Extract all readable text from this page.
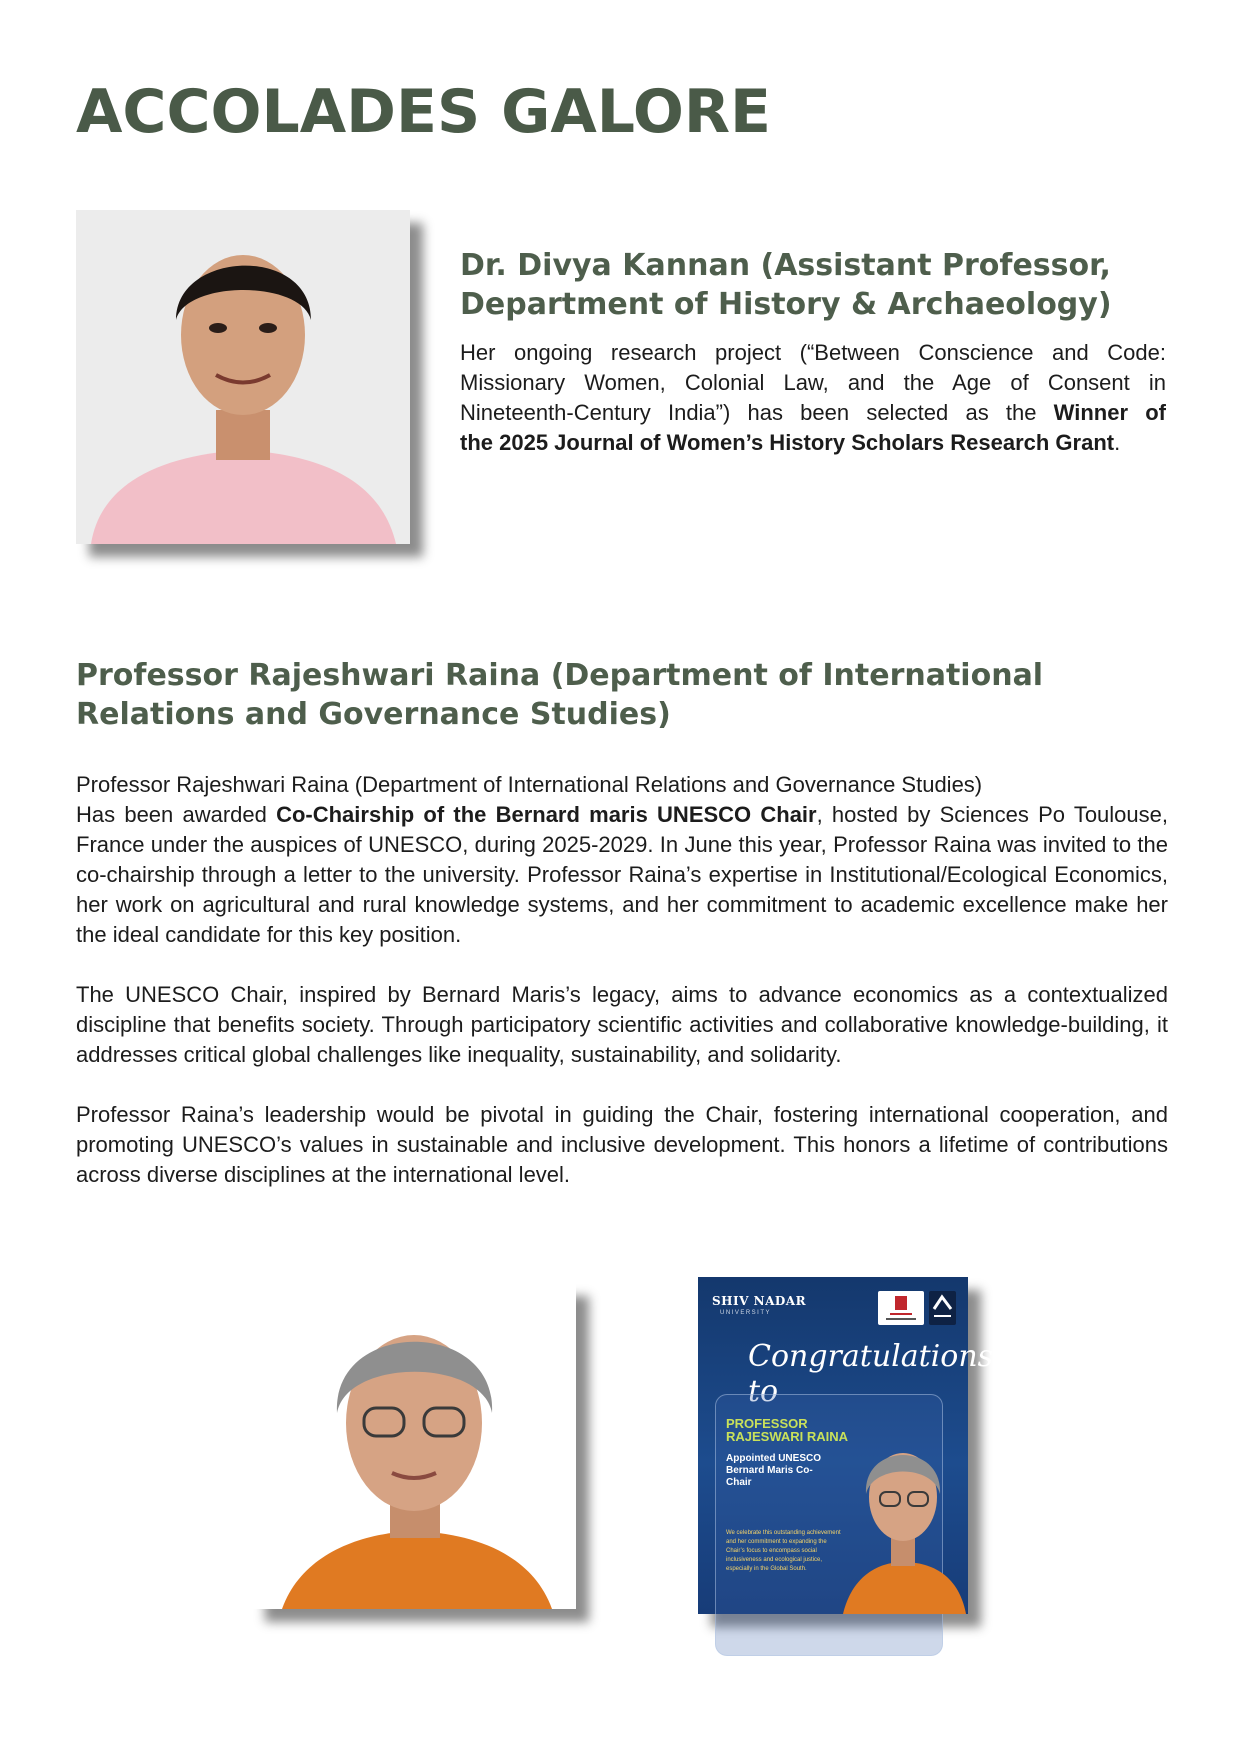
ACCOLADES GALORE
Dr. Divya Kannan (Assistant Professor,
Department of History & Archaeology)
Her ongoing research project (“Between Conscience and Code:
Missionary Women, Colonial Law, and the Age of Consent in
Nineteenth-Century India”) has been selected as the Winner of
the 2025 Journal of Women’s History Scholars Research Grant.
Professor Rajeshwari Raina (Department of International
Relations and Governance Studies)

Professor Rajeshwari Raina (Department of International Relations and Governance Studies)
Has been awarded Co-Chairship of the Bernard maris UNESCO Chair, hosted by Sciences Po Toulouse, France under the auspices of UNESCO, during 2025-2029. In June this year, Professor Raina was invited to the co-chairship through a letter to the university. Professor Raina’s expertise in Institutional/Ecological Economics, her work on agricultural and rural knowledge systems, and her commitment to academic excellence make her the ideal candidate for this key position.

The UNESCO Chair, inspired by Bernard Maris’s legacy, aims to advance economics as a contextualized discipline that benefits society. Through participatory scientific activities and collaborative knowledge-building, it addresses critical global challenges like inequality, sustainability, and solidarity.

Professor Raina’s leadership would be pivotal in guiding the Chair, fostering international cooperation, and promoting UNESCO’s values in sustainable and inclusive development. This honors a lifetime of contributions across diverse disciplines at the international level.

SHIV NADAR
UNIVERSITY
Congratulations to
PROFESSOR
RAJESWARI RAINA
Appointed UNESCO Bernard Maris Co-Chair
We celebrate this outstanding achievement and her commitment to expanding the Chair’s focus to encompass social inclusiveness and ecological justice, especially in the Global South.
